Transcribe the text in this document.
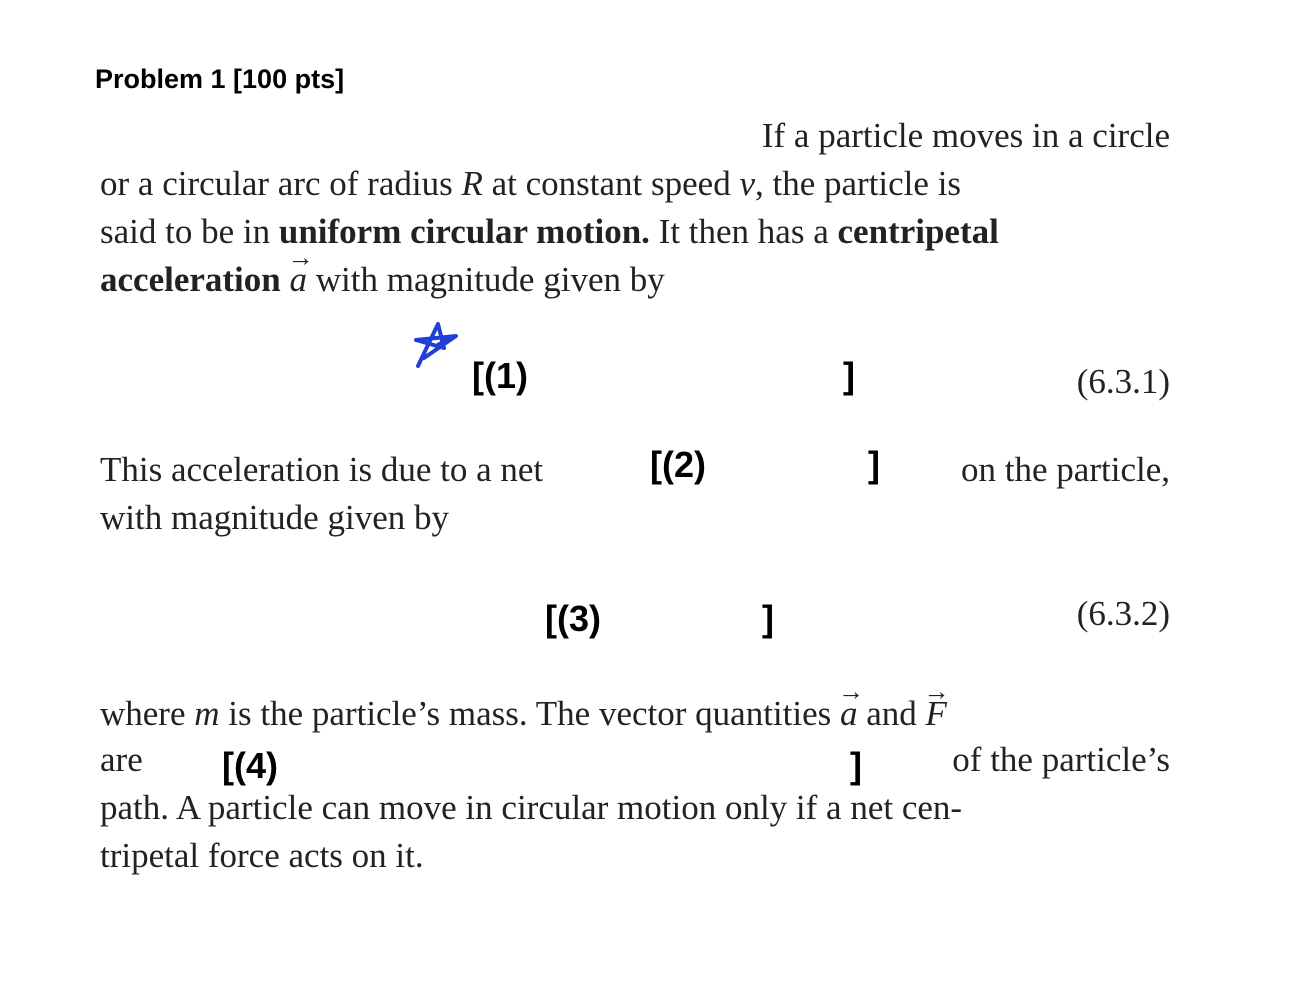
Problem 1 [100 pts]
If a particle moves in a circle
or a circular arc of radius R at constant speed v, the particle is
said to be in uniform circular motion. It then has a centripetal
acceleration → a with magnitude given by
[(1)	]	(6.3.1)
This acceleration is due to a net	[(2)	] on the particle,
with magnitude given by
[(3)	]	(6.3.2)
where m is the particle’s mass. The vector quantities → a and → F
are [(4)	]	of the particle’s
path. A particle can move in circular motion only if a net cen-
tripetal force acts on it.
